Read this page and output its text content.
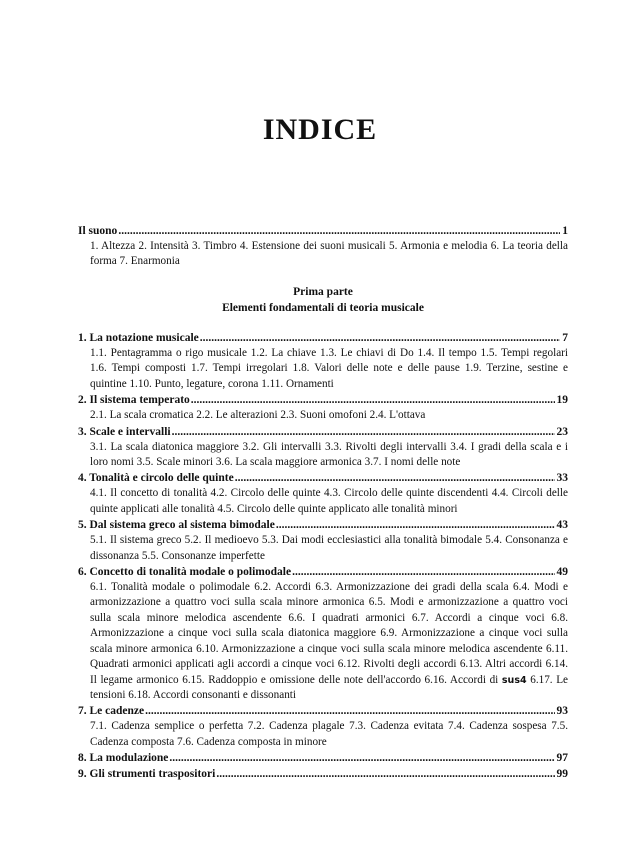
INDICE
Il suono .....	1

1. Altezza 2. Intensità 3. Timbro 4. Estensione dei suoni musicali 5. Armonia e melodia 6. La teoria della forma 7. Enarmonia

Prima parte
Elementi fondamentali di teoria musicale
1. La notazione musicale .....	7

1.1. Pentagramma o rigo musicale 1.2. La chiave 1.3. Le chiavi di Do 1.4. Il tempo 1.5. Tempi regolari 1.6. Tempi composti 1.7. Tempi irregolari 1.8. Valori delle note e delle pause 1.9. Terzine, sestine e quintine 1.10. Punto, legature, corona 1.11. Ornamenti

2. Il sistema temperato .....	19

2.1. La scala cromatica 2.2. Le alterazioni 2.3. Suoni omofoni 2.4. L'ottava

3. Scale e intervalli .....	23

3.1. La scala diatonica maggiore 3.2. Gli intervalli 3.3. Rivolti degli intervalli 3.4. I gradi della scala e i loro nomi 3.5. Scale minori 3.6. La scala maggiore armonica 3.7. I nomi delle note

4. Tonalità e circolo delle quinte .....	33

4.1. Il concetto di tonalità 4.2. Circolo delle quinte 4.3. Circolo delle quinte discendenti 4.4. Circoli delle quinte applicati alle tonalità 4.5. Circolo delle quinte applicato alle tonalità minori

5. Dal sistema greco al sistema bimodale .....	43

5.1. Il sistema greco 5.2. Il medioevo 5.3. Dai modi ecclesiastici alla tonalità bimodale 5.4. Consonanza e dissonanza 5.5. Consonanze imperfette

6. Concetto di tonalità modale o polimodale .....	49

6.1. Tonalità modale o polimodale 6.2. Accordi 6.3. Armonizzazione dei gradi della scala 6.4. Modi e armonizzazione a quattro voci sulla scala minore armonica 6.5. Modi e armonizzazione a quattro voci sulla scala minore melodica ascendente 6.6. I quadrati armonici 6.7. Accordi a cinque voci 6.8. Armonizzazione a cinque voci sulla scala diatonica maggiore 6.9. Armonizzazione a cinque voci sulla scala minore armonica 6.10. Armonizzazione a cinque voci sulla scala minore melodica ascendente 6.11. Quadrati armonici applicati agli accordi a cinque voci 6.12. Rivolti degli accordi 6.13. Altri accordi 6.14. Il legame armonico 6.15. Raddoppio e omissione delle note dell'accordo 6.16. Accordi di sus4 6.17. Le tensioni 6.18. Accordi consonanti e dissonanti

7. Le cadenze .....	93

7.1. Cadenza semplice o perfetta 7.2. Cadenza plagale 7.3. Cadenza evitata 7.4. Cadenza sospesa 7.5. Cadenza composta 7.6. Cadenza composta in minore

8. La modulazione .....	97
9. Gli strumenti traspositori .....	99
